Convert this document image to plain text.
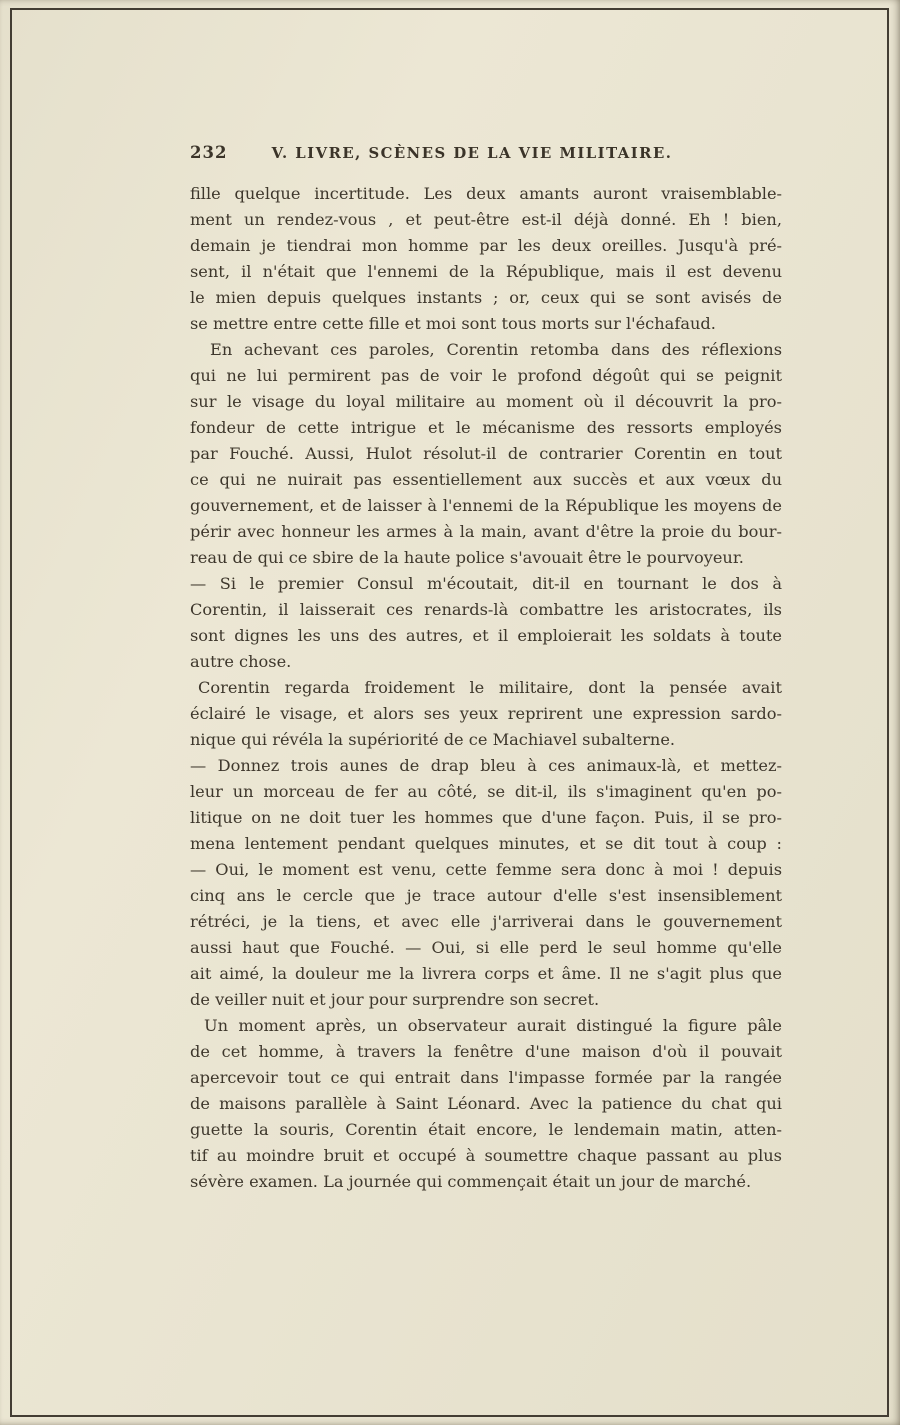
232	V. LIVRE, SCÈNES DE LA VIE MILITAIRE.
fille quelque incertitude. Les deux amants auront vraisemblable-
ment un rendez-vous , et peut-être est-il déjà donné. Eh ! bien,
demain je tiendrai mon homme par les deux oreilles. Jusqu'à pré-
sent, il n'était que l'ennemi de la République, mais il est devenu
le mien depuis quelques instants ; or, ceux qui se sont avisés de
se mettre entre cette fille et moi sont tous morts sur l'échafaud.
En achevant ces paroles, Corentin retomba dans des réflexions
qui ne lui permirent pas de voir le profond dégoût qui se peignit
sur le visage du loyal militaire au moment où il découvrit la pro-
fondeur de cette intrigue et le mécanisme des ressorts employés
par Fouché. Aussi, Hulot résolut-il de contrarier Corentin en tout
ce qui ne nuirait pas essentiellement aux succès et aux vœux du
gouvernement, et de laisser à l'ennemi de la République les moyens de
périr avec honneur les armes à la main, avant d'être la proie du bour-
reau de qui ce sbire de la haute police s'avouait être le pourvoyeur.
— Si le premier Consul m'écoutait, dit-il en tournant le dos à
Corentin, il laisserait ces renards-là combattre les aristocrates, ils
sont dignes les uns des autres, et il emploierait les soldats à toute
autre chose.
Corentin regarda froidement le militaire, dont la pensée avait
éclairé le visage, et alors ses yeux reprirent une expression sardo-
nique qui révéla la supériorité de ce Machiavel subalterne.
— Donnez trois aunes de drap bleu à ces animaux-là, et mettez-
leur un morceau de fer au côté, se dit-il, ils s'imaginent qu'en po-
litique on ne doit tuer les hommes que d'une façon. Puis, il se pro-
mena lentement pendant quelques minutes, et se dit tout à coup :
— Oui, le moment est venu, cette femme sera donc à moi ! depuis
cinq ans le cercle que je trace autour d'elle s'est insensiblement
rétréci, je la tiens, et avec elle j'arriverai dans le gouvernement
aussi haut que Fouché. — Oui, si elle perd le seul homme qu'elle
ait aimé, la douleur me la livrera corps et âme. Il ne s'agit plus que
de veiller nuit et jour pour surprendre son secret.
Un moment après, un observateur aurait distingué la figure pâle
de cet homme, à travers la fenêtre d'une maison d'où il pouvait
apercevoir tout ce qui entrait dans l'impasse formée par la rangée
de maisons parallèle à Saint Léonard. Avec la patience du chat qui
guette la souris, Corentin était encore, le lendemain matin, atten-
tif au moindre bruit et occupé à soumettre chaque passant au plus
sévère examen. La journée qui commençait était un jour de marché.
